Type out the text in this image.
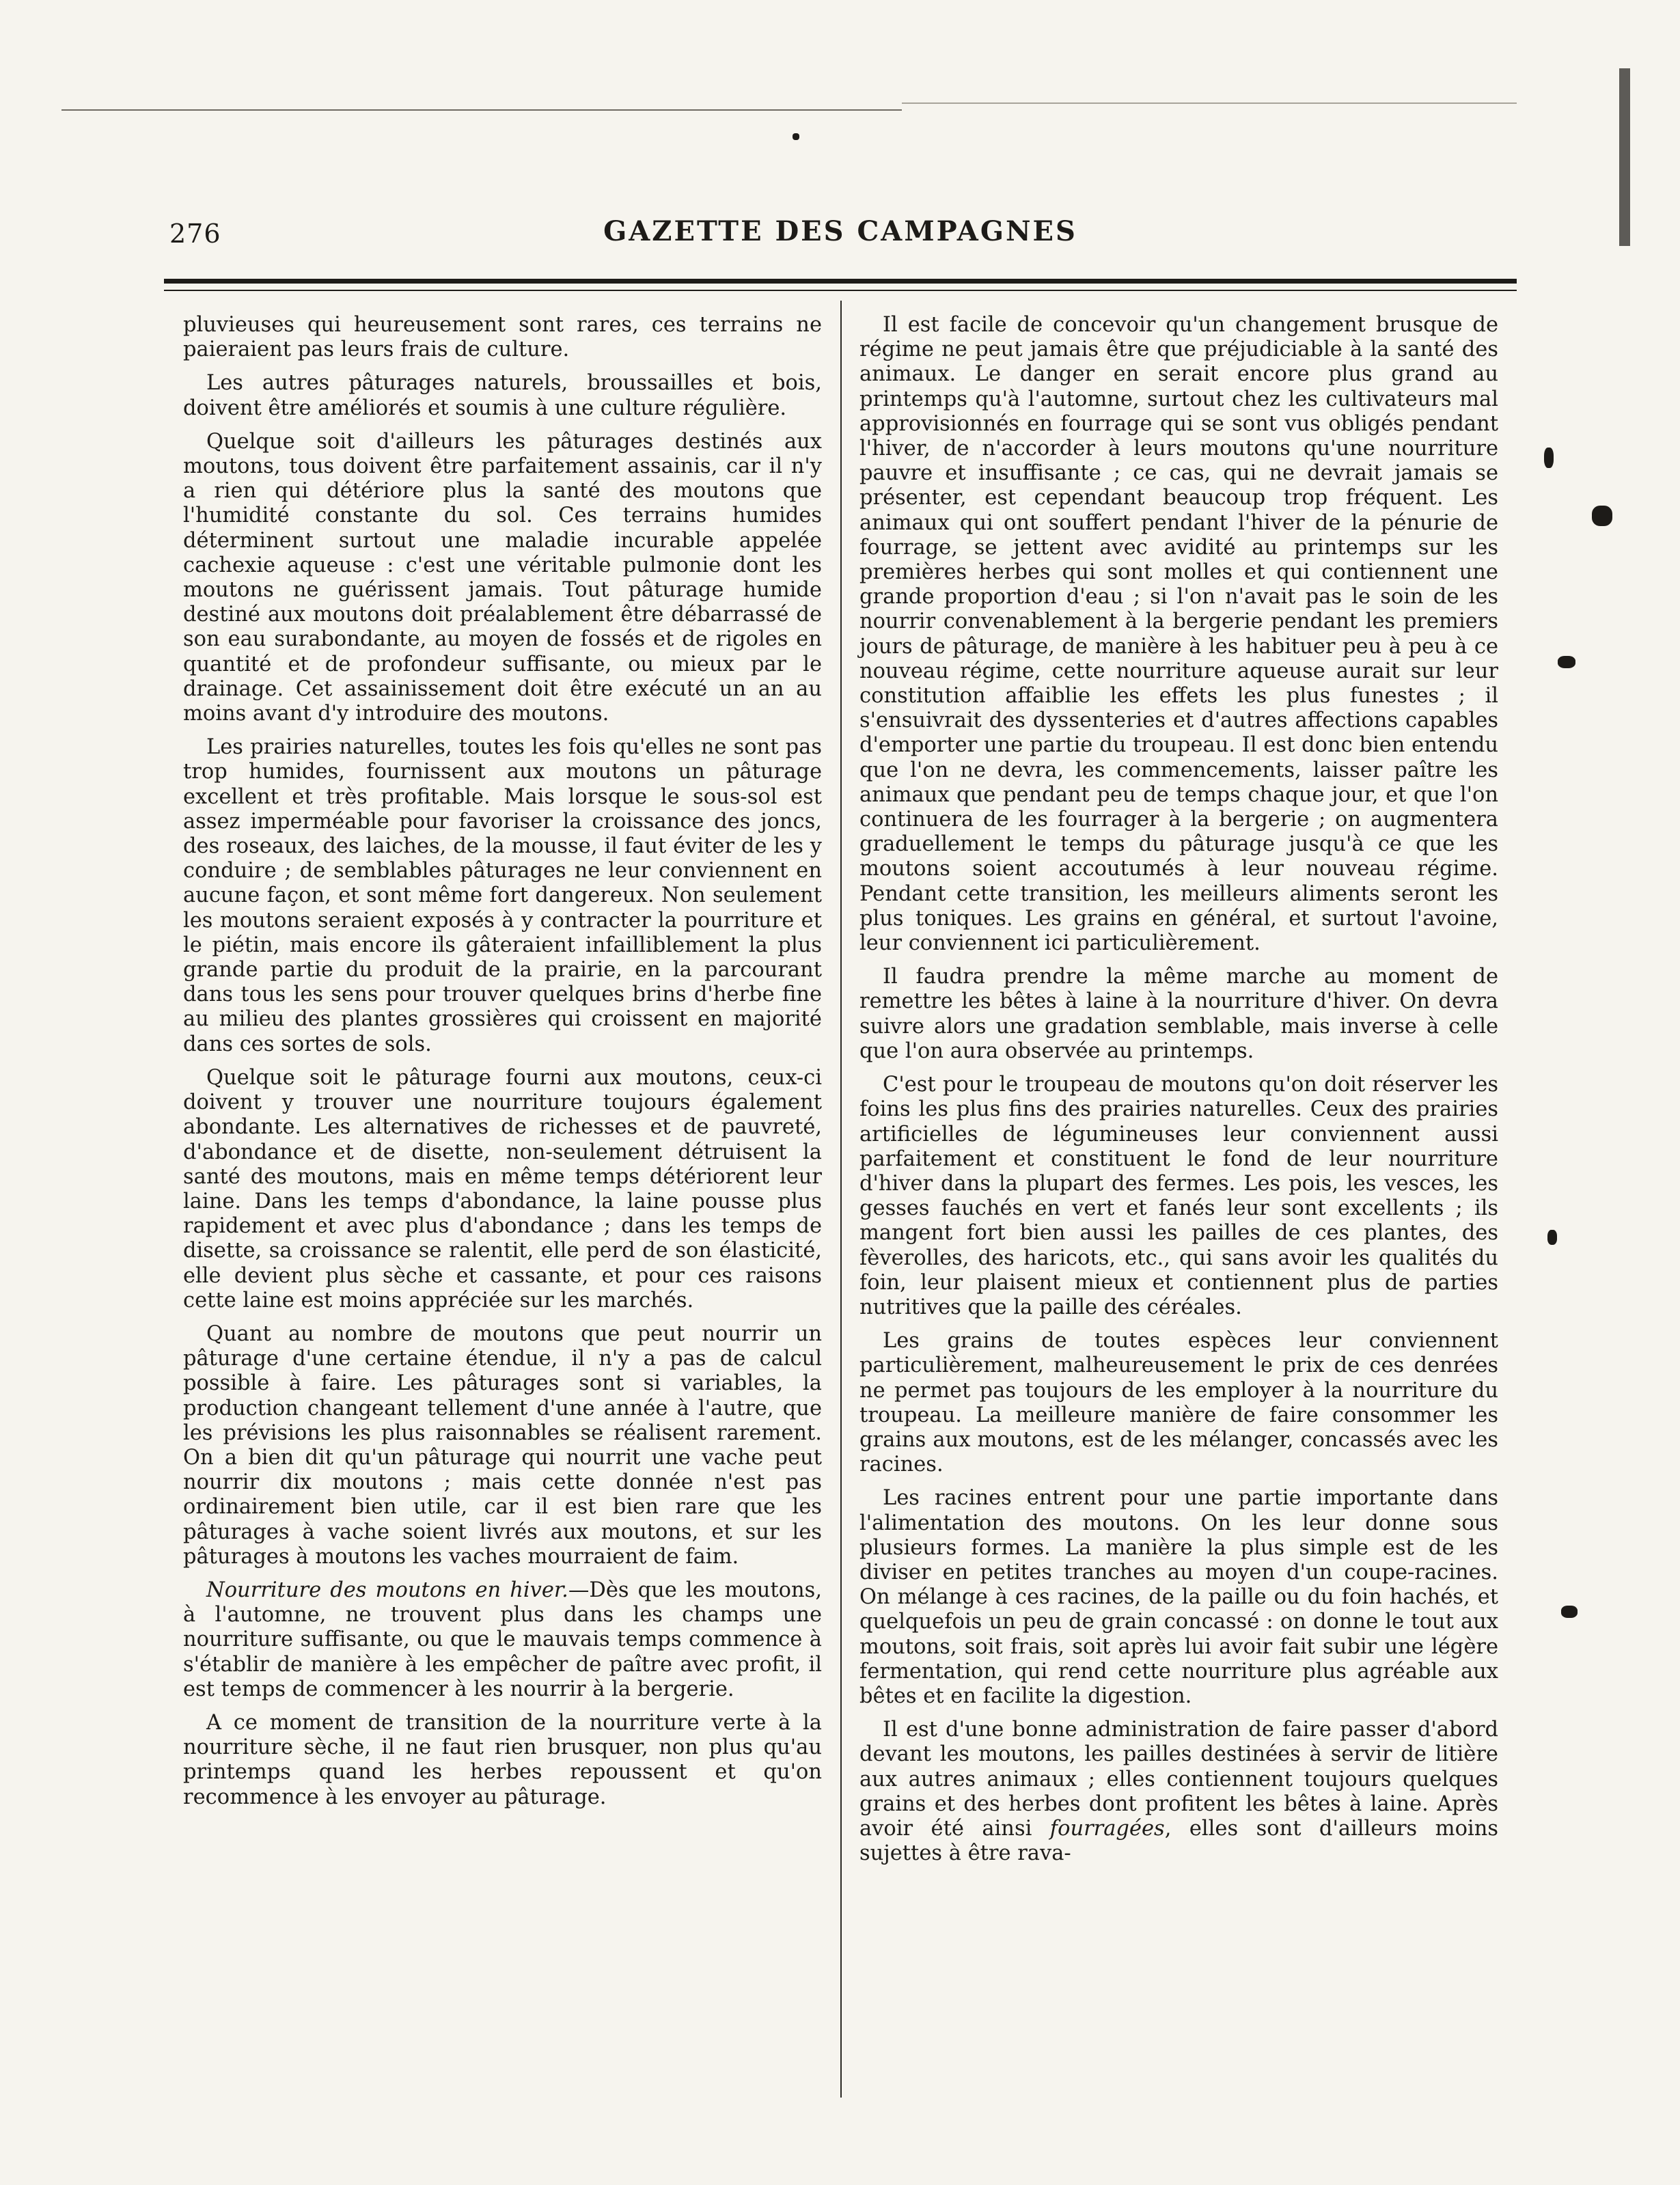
276	GAZETTE DES CAMPAGNES

pluvieuses qui heureusement sont rares, ces terrains ne paieraient pas leurs frais de culture.

Les autres pâturages naturels, broussailles et bois, doivent être améliorés et soumis à une culture régulière.

Quelque soit d'ailleurs les pâturages destinés aux moutons, tous doivent être parfaitement assainis, car il n'y a rien qui détériore plus la santé des moutons que l'humidité constante du sol. Ces terrains humides déterminent surtout une maladie incurable appelée cachexie aqueuse : c'est une véritable pulmonie dont les moutons ne guérissent jamais. Tout pâturage humide destiné aux moutons doit préalablement être débarrassé de son eau surabondante, au moyen de fossés et de rigoles en quantité et de profondeur suffisante, ou mieux par le drainage. Cet assainissement doit être exécuté un an au moins avant d'y introduire des moutons.

Les prairies naturelles, toutes les fois qu'elles ne sont pas trop humides, fournissent aux moutons un pâturage excellent et très profitable. Mais lorsque le sous-sol est assez imperméable pour favoriser la croissance des joncs, des roseaux, des laiches, de la mousse, il faut éviter de les y conduire ; de semblables pâturages ne leur conviennent en aucune façon, et sont même fort dangereux. Non seulement les moutons seraient exposés à y contracter la pourriture et le piétin, mais encore ils gâteraient infailliblement la plus grande partie du produit de la prairie, en la parcourant dans tous les sens pour trouver quelques brins d'herbe fine au milieu des plantes grossières qui croissent en majorité dans ces sortes de sols.

Quelque soit le pâturage fourni aux moutons, ceux-ci doivent y trouver une nourriture toujours également abondante. Les alternatives de richesses et de pauvreté, d'abondance et de disette, non-seulement détruisent la santé des moutons, mais en même temps détériorent leur laine. Dans les temps d'abondance, la laine pousse plus rapidement et avec plus d'abondance ; dans les temps de disette, sa croissance se ralentit, elle perd de son élasticité, elle devient plus sèche et cassante, et pour ces raisons cette laine est moins appréciée sur les marchés.

Quant au nombre de moutons que peut nourrir un pâturage d'une certaine étendue, il n'y a pas de calcul possible à faire. Les pâturages sont si variables, la production changeant tellement d'une année à l'autre, que les prévisions les plus raisonnables se réalisent rarement. On a bien dit qu'un pâturage qui nourrit une vache peut nourrir dix moutons ; mais cette donnée n'est pas ordinairement bien utile, car il est bien rare que les pâturages à vache soient livrés aux moutons, et sur les pâturages à moutons les vaches mourraient de faim.

Nourriture des moutons en hiver.—Dès que les moutons, à l'automne, ne trouvent plus dans les champs une nourriture suffisante, ou que le mauvais temps commence à s'établir de manière à les empêcher de paître avec profit, il est temps de commencer à les nourrir à la bergerie.

A ce moment de transition de la nourriture verte à la nourriture sèche, il ne faut rien brusquer, non plus qu'au printemps quand les herbes repoussent et qu'on recommence à les envoyer au pâturage.

Il est facile de concevoir qu'un changement brusque de régime ne peut jamais être que préjudiciable à la santé des animaux. Le danger en serait encore plus grand au printemps qu'à l'automne, surtout chez les cultivateurs mal approvisionnés en fourrage qui se sont vus obligés pendant l'hiver, de n'accorder à leurs moutons qu'une nourriture pauvre et insuffisante ; ce cas, qui ne devrait jamais se présenter, est cependant beaucoup trop fréquent. Les animaux qui ont souffert pendant l'hiver de la pénurie de fourrage, se jettent avec avidité au printemps sur les premières herbes qui sont molles et qui contiennent une grande proportion d'eau ; si l'on n'avait pas le soin de les nourrir convenablement à la bergerie pendant les premiers jours de pâturage, de manière à les habituer peu à peu à ce nouveau régime, cette nourriture aqueuse aurait sur leur constitution affaiblie les effets les plus funestes ; il s'ensuivrait des dyssenteries et d'autres affections capables d'emporter une partie du troupeau. Il est donc bien entendu que l'on ne devra, les commencements, laisser paître les animaux que pendant peu de temps chaque jour, et que l'on continuera de les fourrager à la bergerie ; on augmentera graduellement le temps du pâturage jusqu'à ce que les moutons soient accoutumés à leur nouveau régime. Pendant cette transition, les meilleurs aliments seront les plus toniques. Les grains en général, et surtout l'avoine, leur conviennent ici particulièrement.

Il faudra prendre la même marche au moment de remettre les bêtes à laine à la nourriture d'hiver. On devra suivre alors une gradation semblable, mais inverse à celle que l'on aura observée au printemps.

C'est pour le troupeau de moutons qu'on doit réserver les foins les plus fins des prairies naturelles. Ceux des prairies artificielles de légumineuses leur conviennent aussi parfaitement et constituent le fond de leur nourriture d'hiver dans la plupart des fermes. Les pois, les vesces, les gesses fauchés en vert et fanés leur sont excellents ; ils mangent fort bien aussi les pailles de ces plantes, des fèverolles, des haricots, etc., qui sans avoir les qualités du foin, leur plaisent mieux et contiennent plus de parties nutritives que la paille des céréales.

Les grains de toutes espèces leur conviennent particulièrement, malheureusement le prix de ces denrées ne permet pas toujours de les employer à la nourriture du troupeau. La meilleure manière de faire consommer les grains aux moutons, est de les mélanger, concassés avec les racines.

Les racines entrent pour une partie importante dans l'alimentation des moutons. On les leur donne sous plusieurs formes. La manière la plus simple est de les diviser en petites tranches au moyen d'un coupe-racines. On mélange à ces racines, de la paille ou du foin hachés, et quelquefois un peu de grain concassé : on donne le tout aux moutons, soit frais, soit après lui avoir fait subir une légère fermentation, qui rend cette nourriture plus agréable aux bêtes et en facilite la digestion.

Il est d'une bonne administration de faire passer d'abord devant les moutons, les pailles destinées à servir de litière aux autres animaux ; elles contiennent toujours quelques grains et des herbes dont profitent les bêtes à laine. Après avoir été ainsi fourragées, elles sont d'ailleurs moins sujettes à être rava-
